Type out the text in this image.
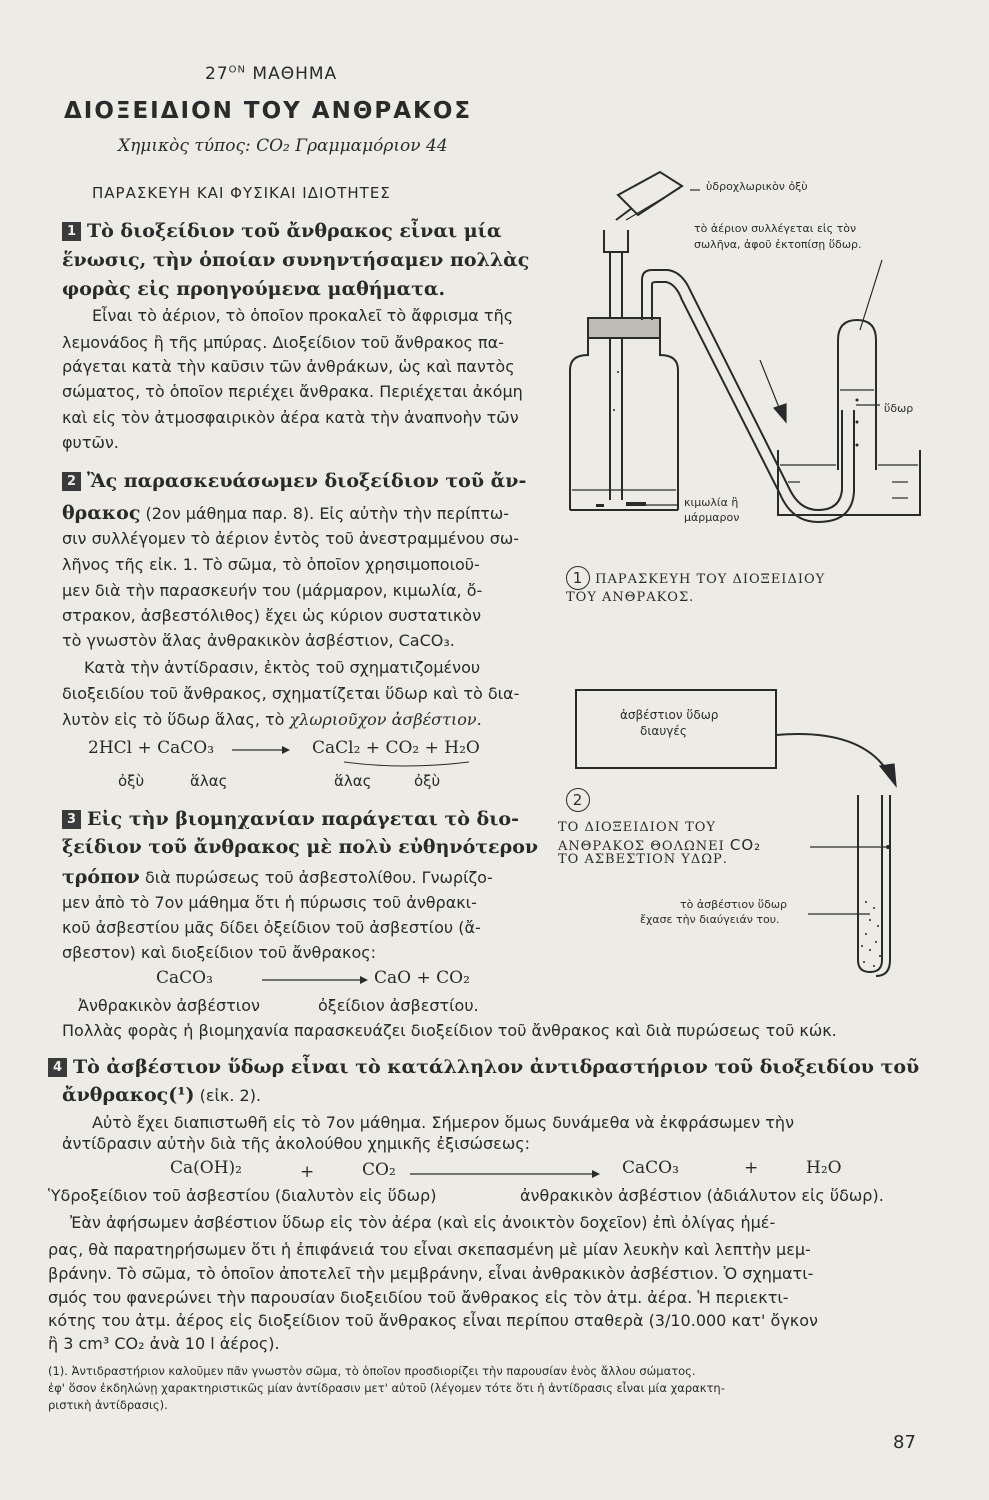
$27^{ON}$ ΜΑΘΗΜΑ
ΔΙΟΞΕΙΔΙΟΝ ΤΟΥ ΑΝΘΡΑΚΟΣ
Χημικὸς τύπος: CO₂ Γραμμαμόριον 44
ΠΑΡΑΣΚΕΥΗ ΚΑΙ ΦΥΣΙΚΑΙ ΙΔΙΟΤΗΤΕΣ
1 Τὸ διοξείδιον τοῦ ἄνθρακος εἶναι μία
ἕνωσις, τὴν ὁποίαν συνηντήσαμεν πολλὰς
φορὰς εἰς προηγούμενα μαθήματα.
Εἶναι τὸ ἀέριον, τὸ ὁποῖον προκαλεῖ τὸ ἄφρισμα τῆς
λεμονάδος ἢ τῆς μπύρας. Διοξείδιον τοῦ ἄνθρακος πα-
ράγεται κατὰ τὴν καῦσιν τῶν ἀνθράκων, ὡς καὶ παντὸς
σώματος, τὸ ὁποῖον περιέχει ἄνθρακα. Περιέχεται ἀκόμη
καὶ εἰς τὸν ἀτμοσφαιρικὸν ἀέρα κατὰ τὴν ἀναπνοὴν τῶν
φυτῶν.
2 Ἂς παρασκευάσωμεν διοξείδιον τοῦ ἄν-
θρακος (2ον μάθημα παρ. 8). Εἰς αὐτὴν τὴν περίπτω-
σιν συλλέγομεν τὸ ἀέριον ἐντὸς τοῦ ἀνεστραμμένου σω-
λῆνος τῆς εἰκ. 1. Τὸ σῶμα, τὸ ὁποῖον χρησιμοποιοῦ-
μεν διὰ τὴν παρασκευήν του (μάρμαρον, κιμωλία, ὄ-
στρακον, ἀσβεστόλιθος) ἔχει ὡς κύριον συστατικὸν
τὸ γνωστὸν ἅλας ἀνθρακικὸν ἀσβέστιον, CaCO₃.
Κατὰ τὴν ἀντίδρασιν, ἐκτὸς τοῦ σχηματιζομένου
διοξειδίου τοῦ ἄνθρακος, σχηματίζεται ὕδωρ καὶ τὸ δια-
λυτὸν εἰς τὸ ὕδωρ ἅλας, τὸ χλωριοῦχον ἀσβέστιον.
2HCl + CaCO₃ → CaCl₂ + CO₂ + H₂O
ὀξὺ	ἅλας	ἅλας	ὀξὺ
3 Εἰς τὴν βιομηχανίαν παράγεται τὸ διο-
ξείδιον τοῦ ἄνθρακος μὲ πολὺ εὐθηνότερον
τρόπον διὰ πυρώσεως τοῦ ἀσβεστολίθου. Γνωρίζο-
μεν ἀπὸ τὸ 7ον μάθημα ὅτι ἡ πύρωσις τοῦ ἀνθρακι-
κοῦ ἀσβεστίου μᾶς δίδει ὀξείδιον τοῦ ἀσβεστίου (ἄ-
σβεστον) καὶ διοξείδιον τοῦ ἄνθρακος:
CaCO₃	CaO + CO₂
Ἀνθρακικὸν ἀσβέστιον	ὀξείδιον ἀσβεστίου.
Πολλὰς φορὰς ἡ βιομηχανία παρασκευάζει διοξείδιον τοῦ ἄνθρακος καὶ διὰ πυρώσεως τοῦ κώκ.
4 Τὸ ἀσβέστιον ὕδωρ εἶναι τὸ κατάλληλον ἀντιδραστήριον τοῦ διοξειδίου τοῦ
ἄνθρακος(¹) (εἰκ. 2).
Αὐτὸ ἔχει διαπιστωθῆ εἰς τὸ 7ον μάθημα. Σήμερον ὅμως δυνάμεθα νὰ ἐκφράσωμεν τὴν
ἀντίδρασιν αὐτὴν διὰ τῆς ἀκολούθου χημικῆς ἐξισώσεως:
Ca(OH)₂	+	CO₂	CaCO₃	+	H₂O
Ὑδροξείδιον τοῦ ἀσβεστίου (διαλυτὸν εἰς ὕδωρ)	ἀνθρακικὸν ἀσβέστιον (ἀδιάλυτον εἰς ὕδωρ).
Ἐὰν ἀφήσωμεν ἀσβέστιον ὕδωρ εἰς τὸν ἀέρα (καὶ εἰς ἀνοικτὸν δοχεῖον) ἐπὶ ὀλίγας ἡμέ-
ρας, θὰ παρατηρήσωμεν ὅτι ἡ ἐπιφάνειά του εἶναι σκεπασμένη μὲ μίαν λευκὴν καὶ λεπτὴν μεμ-
βράνην. Τὸ σῶμα, τὸ ὁποῖον ἀποτελεῖ τὴν μεμβράνην, εἶναι ἀνθρακικὸν ἀσβέστιον. Ὁ σχηματι-
σμός του φανερώνει τὴν παρουσίαν διοξειδίου τοῦ ἄνθρακος εἰς τὸν ἀτμ. ἀέρα. Ἡ περιεκτι-
κότης του ἀτμ. ἀέρος εἰς διοξείδιον τοῦ ἄνθρακος εἶναι περίπου σταθερὰ (3/10.000 κατ' ὄγκον
ἢ 3 cm³ CO₂ ἀνὰ 10 l ἀέρος).
(1). Ἀντιδραστήριον καλοῦμεν πᾶν γνωστὸν σῶμα, τὸ ὁποῖον προσδιορίζει τὴν παρουσίαν ἑνὸς ἄλλου σώματος.
ἐφ' ὅσον ἐκδηλώνῃ χαρακτηριστικῶς μίαν ἀντίδρασιν μετ' αὐτοῦ (λέγομεν τότε ὅτι ἡ ἀντίδρασις εἶναι μία χαρακτη-
ριστικὴ ἀντίδρασις).
ὑδροχλωρικὸν ὀξὺ
τὸ ἀέριον συλλέγεται εἰς τὸν
σωλῆνα, ἀφοῦ ἐκτοπίσῃ ὕδωρ.
ὕδωρ
κιμωλία ἢ
μάρμαρον
1 ΠΑΡΑΣΚΕΥΗ ΤΟΥ ΔΙΟΞΕΙΔΙΟΥ
ΤΟΥ ΑΝΘΡΑΚΟΣ.
ἀσβέστιον ὕδωρ
διαυγές
2
ΤΟ ΔΙΟΞΕΙΔΙΟΝ ΤΟΥ
ΑΝΘΡΑΚΟΣ ΘΟΛΩΝΕΙ CO₂
ΤΟ ΑΣΒΕΣΤΙΟΝ ΥΔΩΡ.
τὸ ἀσβέστιον ὕδωρ
ἔχασε τὴν διαύγειάν του.
87
